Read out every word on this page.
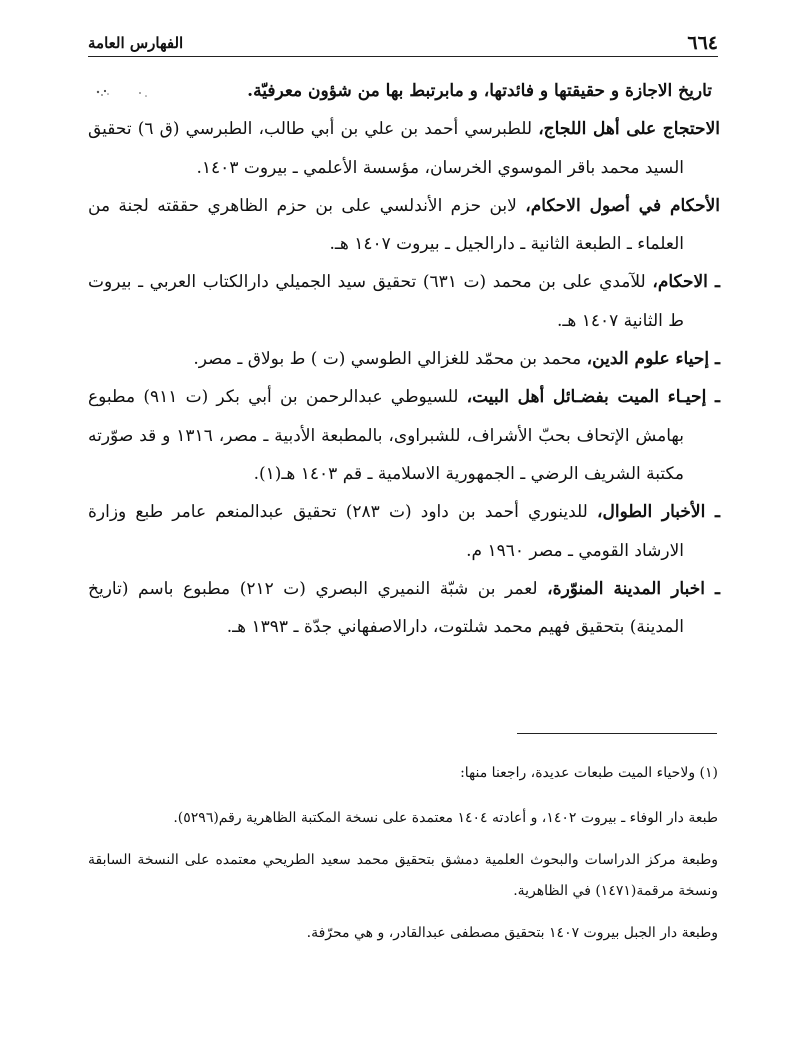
٦٦٤
الفهارس العامة

تاريخ الاجازة و حقيقتها و فائدتها، و مابرتبط بها من شؤون معرفيّة.

الاحتجاج على أهل اللجاج، للطبرسي أحمد بن علي بن أبي طالب، الطبرسي (ق ٦) تحقيق السيد محمد باقر الموسوي الخرسان، مؤسسة الأعلمي ـ بيروت ١٤٠٣.

الأحكام في أصول الاحكام، لابن حزم الأندلسي على بن حزم الظاهري حققته لجنة من العلماء ـ الطبعة الثانية ـ دارالجيل ـ بيروت ١٤٠٧ هـ.

ـ الاحكام، للآمدي على بن محمد (ت ٦٣١) تحقيق سيد الجميلي دارالكتاب العربي ـ بيروت ط الثانية ١٤٠٧ هـ.

ـ إحياء علوم الدين، محمد بن محمّد للغزالي الطوسي (ت ) ط بولاق ـ مصر.

ـ إحيـاء الميت بفضـائل أهل البيت، للسيوطي عبدالرحمن بن أبي بكر (ت ٩١١) مطبوع بهامش الإتحاف بحبّ الأشراف، للشبراوى، بالمطبعة الأدبية ـ مصر، ١٣١٦ و قد صوّرته مكتبة الشريف الرضي ـ الجمهورية الاسلامية ـ قم ١٤٠٣ هـ(١).

ـ الأخبار الطوال، للدينوري أحمد بن داود (ت ٢٨٣) تحقيق عبدالمنعم عامر طبع وزارة الارشاد القومي ـ مصر ١٩٦٠ م.

ـ اخبار المدينة المنوّرة، لعمر بن شبّة النميري البصري (ت ٢١٢) مطبوع باسم (تاريخ المدينة) بتحقيق فهيم محمد شلتوت، دارالاصفهاني جدّة ـ ١٣٩٣ هـ.

(١) ولاحياء الميت طبعات عديدة، راجعنا منها:

طبعة دار الوفاء ـ بيروت ١٤٠٢، و أعادته ١٤٠٤ معتمدة على نسخة المكتبة الظاهرية رقم(٥٢٩٦).

وطبعة مركز الدراسات والبحوث العلمية دمشق بتحقيق محمد سعيد الطريحي معتمده على النسخة السابقة ونسخة مرقمة(١٤٧١) في الظاهرية.

وطبعة دار الجبل بيروت ١٤٠٧ بتحقيق مصطفى عبدالقادر، و هي محرّفة.
